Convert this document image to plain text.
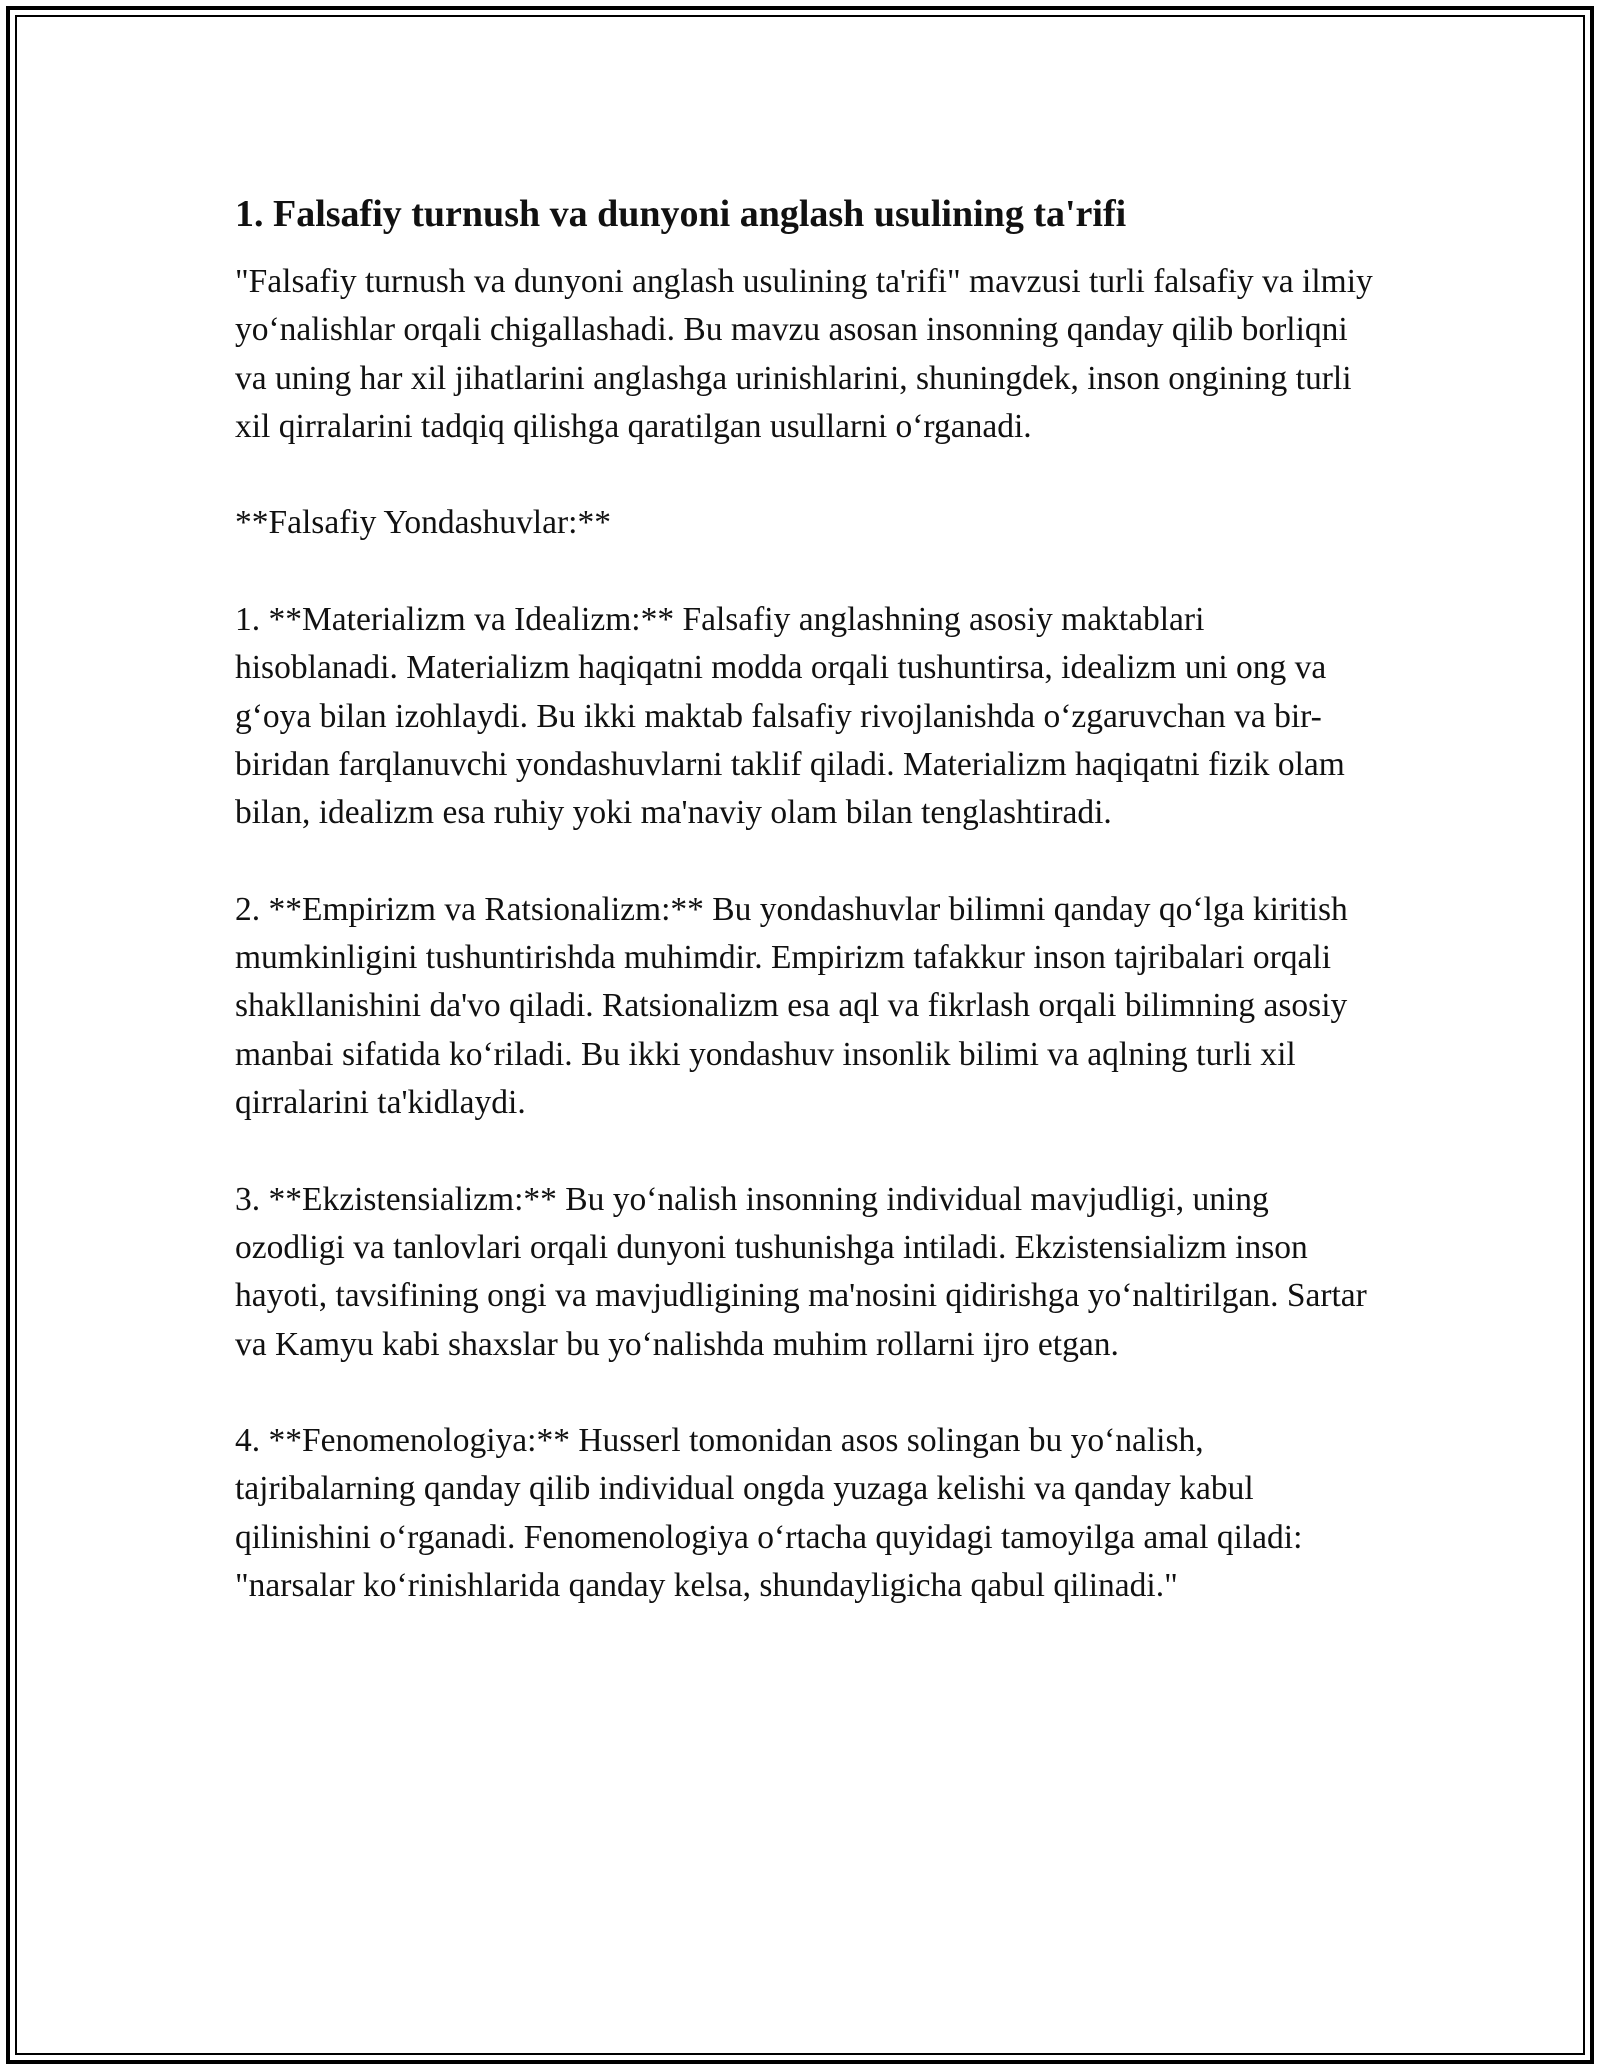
1. Falsafiy turnush va dunyoni anglash usulining ta'rifi

"Falsafiy turnush va dunyoni anglash usulining ta'rifi" mavzusi turli falsafiy va ilmiy yo‘nalishlar orqali chigallashadi. Bu mavzu asosan insonning qanday qilib borliqni va uning har xil jihatlarini anglashga urinishlarini, shuningdek, inson ongining turli xil qirralarini tadqiq qilishga qaratilgan usullarni o‘rganadi.

**Falsafiy Yondashuvlar:**

1. **Materializm va Idealizm:** Falsafiy anglashning asosiy maktablari hisoblanadi. Materializm haqiqatni modda orqali tushuntirsa, idealizm uni ong va g‘oya bilan izohlaydi. Bu ikki maktab falsafiy rivojlanishda o‘zgaruvchan va bir-biridan farqlanuvchi yondashuvlarni taklif qiladi. Materializm haqiqatni fizik olam bilan, idealizm esa ruhiy yoki ma'naviy olam bilan tenglashtiradi.

2. **Empirizm va Ratsionalizm:** Bu yondashuvlar bilimni qanday qo‘lga kiritish mumkinligini tushuntirishda muhimdir. Empirizm tafakkur inson tajribalari orqali shakllanishini da'vo qiladi. Ratsionalizm esa aql va fikrlash orqali bilimning asosiy manbai sifatida ko‘riladi. Bu ikki yondashuv insonlik bilimi va aqlning turli xil qirralarini ta'kidlaydi.

3. **Ekzistensializm:** Bu yo‘nalish insonning individual mavjudligi, uning ozodligi va tanlovlari orqali dunyoni tushunishga intiladi. Ekzistensializm inson hayoti, tavsifining ongi va mavjudligining ma'nosini qidirishga yo‘naltirilgan. Sartar va Kamyu kabi shaxslar bu yo‘nalishda muhim rollarni ijro etgan.

4. **Fenomenologiya:** Husserl tomonidan asos solingan bu yo‘nalish, tajribalarning qanday qilib individual ongda yuzaga kelishi va qanday kabul qilinishini o‘rganadi. Fenomenologiya o‘rtacha quyidagi tamoyilga amal qiladi: "narsalar ko‘rinishlarida qanday kelsa, shundayligicha qabul qilinadi."
